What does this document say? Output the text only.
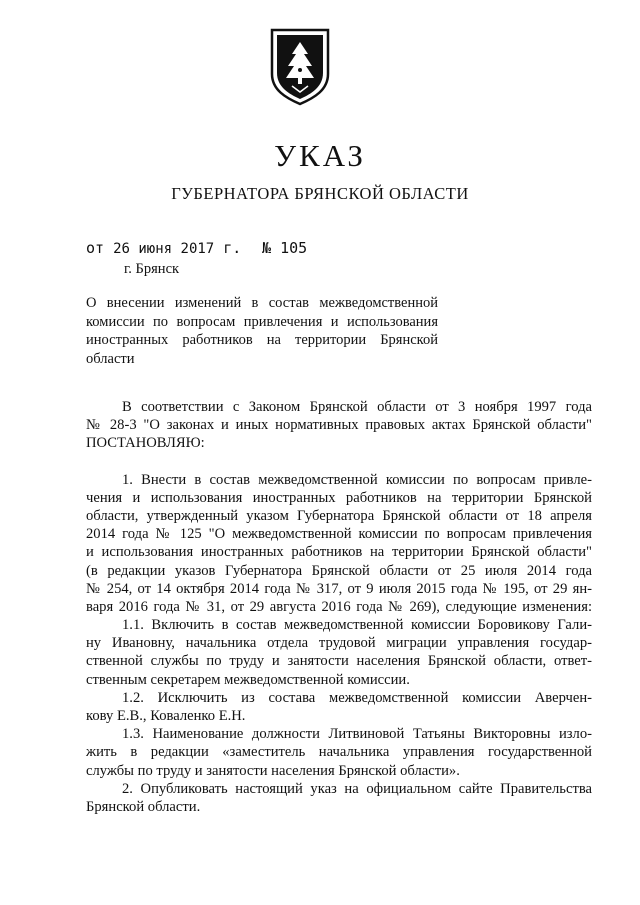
УКАЗ
ГУБЕРНАТОРА БРЯНСКОЙ ОБЛАСТИ
от 26 июня 2017 г. № 105
г. Брянск
О внесении изменений в состав межведомственной
комиссии по вопросам привлечения и использования
иностранных работников на территории Брянской
области
В соответствии с Законом Брянской области от 3 ноября 1997 года
№ 28-3 "О законах и иных нормативных правовых актах Брянской области"
ПОСТАНОВЛЯЮ:
1. Внести в состав межведомственной комиссии по вопросам привле-
чения и использования иностранных работников на территории Брянской
области, утвержденный указом Губернатора Брянской области от 18 апреля
2014 года № 125 "О межведомственной комиссии по вопросам привлечения
и использования иностранных работников на территории Брянской области"
(в редакции указов Губернатора Брянской области от 25 июля 2014 года
№ 254, от 14 октября 2014 года № 317, от 9 июля 2015 года № 195, от 29 ян-
варя 2016 года № 31, от 29 августа 2016 года № 269), следующие изменения:
1.1. Включить в состав межведомственной комиссии Боровикову Гали-
ну Ивановну, начальника отдела трудовой миграции управления государ-
ственной службы по труду и занятости населения Брянской области, ответ-
ственным секретарем межведомственной комиссии.
1.2. Исключить из состава межведомственной комиссии Аверчен-
кову Е.В., Коваленко Е.Н.
1.3. Наименование должности Литвиновой Татьяны Викторовны изло-
жить в редакции «заместитель начальника управления государственной
службы по труду и занятости населения Брянской области».
2. Опубликовать настоящий указ на официальном сайте Правительства
Брянской области.
